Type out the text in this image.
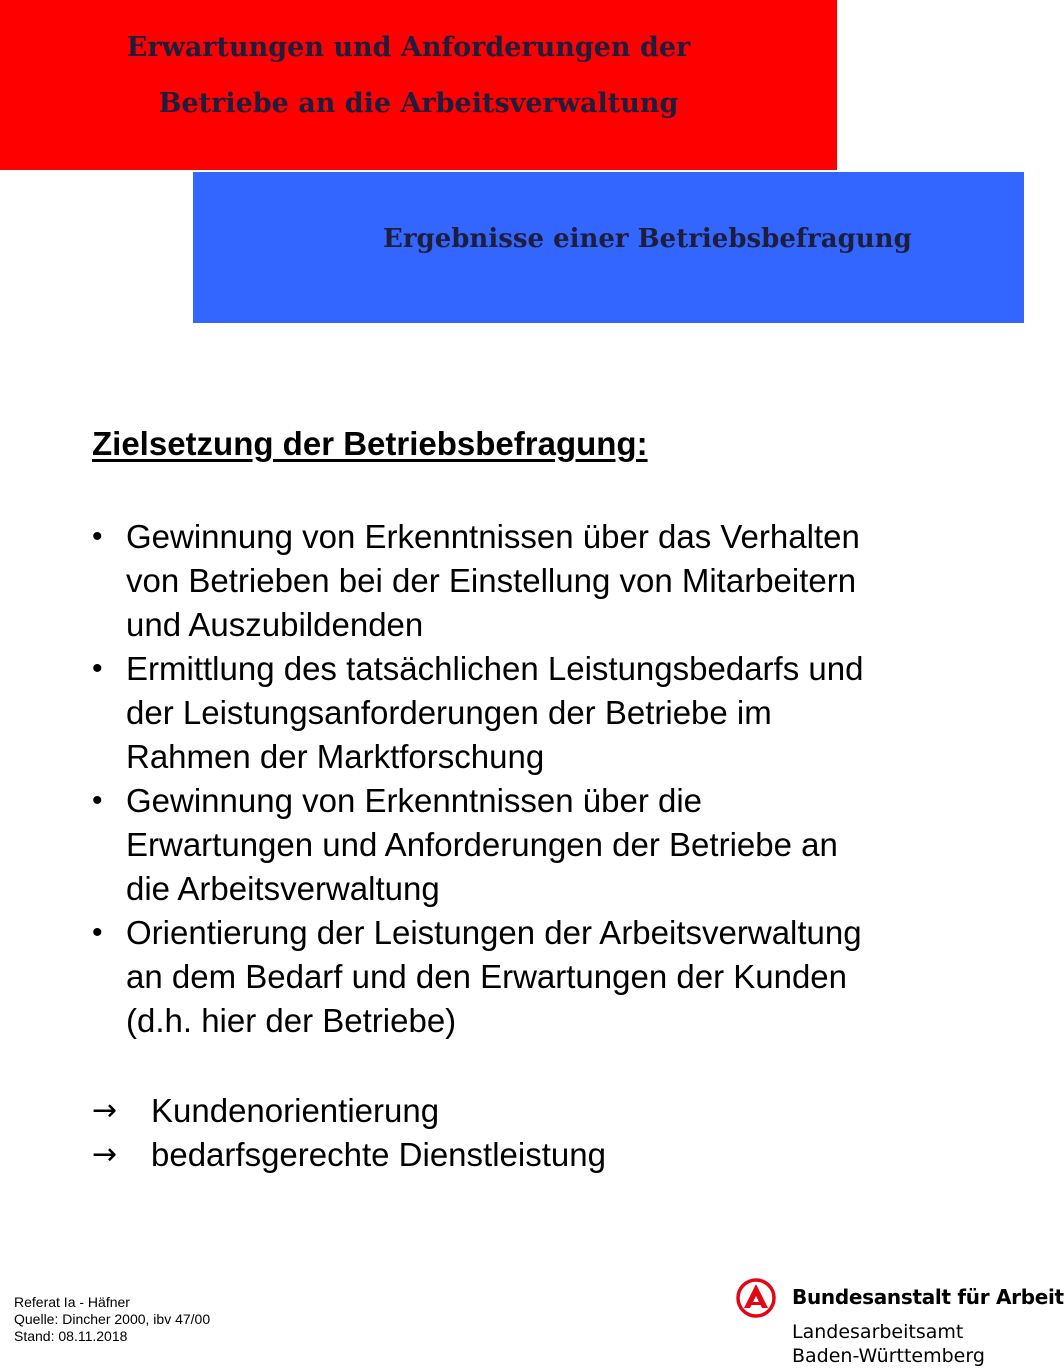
Erwartungen und Anforderungen der
Betriebe an die Arbeitsverwaltung
Ergebnisse einer Betriebsbefragung
Zielsetzung der Betriebsbefragung:
• Gewinnung von Erkenntnissen über das Verhalten
von Betrieben bei der Einstellung von Mitarbeitern
und Auszubildenden
• Ermittlung des tatsächlichen Leistungsbedarfs und
der Leistungsanforderungen der Betriebe im
Rahmen der Marktforschung
• Gewinnung von Erkenntnissen über die
Erwartungen und Anforderungen der Betriebe an
die Arbeitsverwaltung
• Orientierung der Leistungen der Arbeitsverwaltung
an dem Bedarf und den Erwartungen der Kunden
(d.h. hier der Betriebe)
→ Kundenorientierung
→ bedarfsgerechte Dienstleistung
Referat Ia - Häfner
Quelle: Dincher 2000, ibv 47/00
Stand: 08.11.2018
Bundesanstalt für Arbeit
Landesarbeitsamt
Baden-Württemberg
